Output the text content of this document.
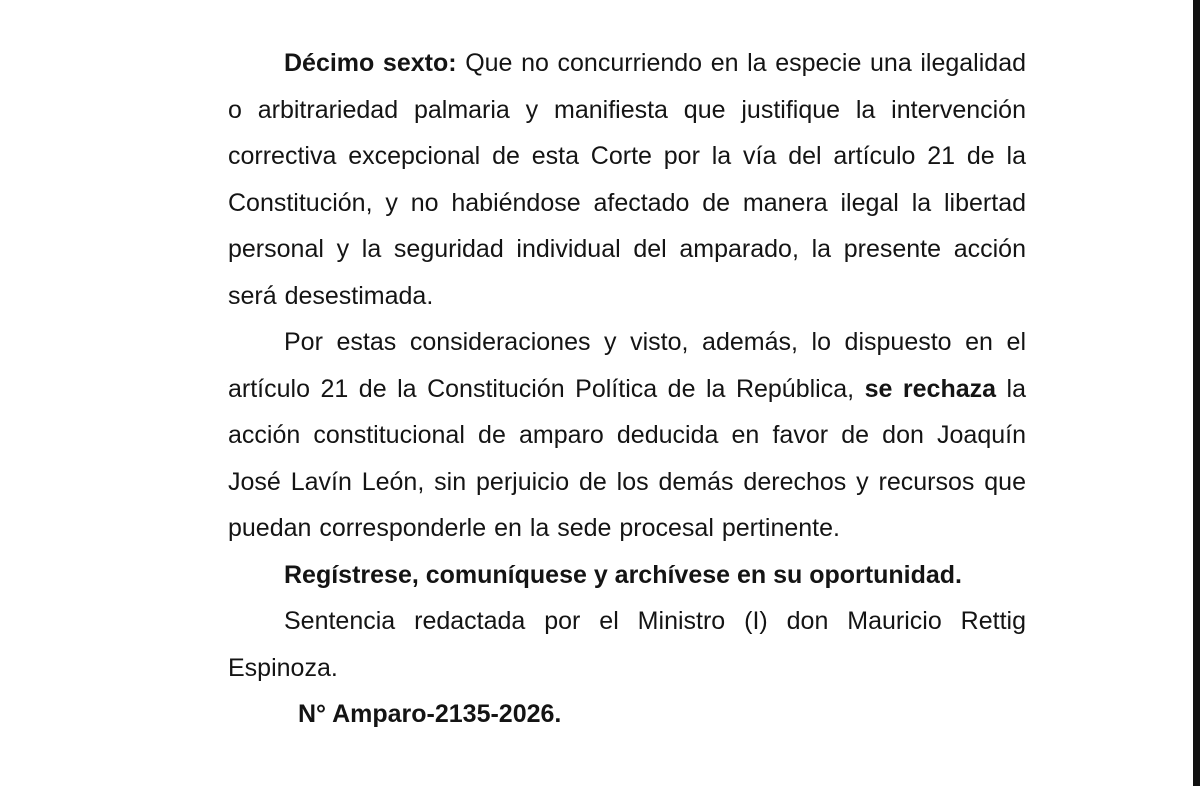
Décimo sexto: Que no concurriendo en la especie una ilegalidad o arbitrariedad palmaria y manifiesta que justifique la intervención correctiva excepcional de esta Corte por la vía del artículo 21 de la Constitución, y no habiéndose afectado de manera ilegal la libertad personal y la seguridad individual del amparado, la presente acción será desestimada.

Por estas consideraciones y visto, además, lo dispuesto en el artículo 21 de la Constitución Política de la República, se rechaza la acción constitucional de amparo deducida en favor de don Joaquín José Lavín León, sin perjuicio de los demás derechos y recursos que puedan corresponderle en la sede procesal pertinente.

Regístrese, comuníquese y archívese en su oportunidad.

Sentencia redactada por el Ministro (I) don Mauricio Rettig Espinoza.

N° Amparo-2135-2026.
